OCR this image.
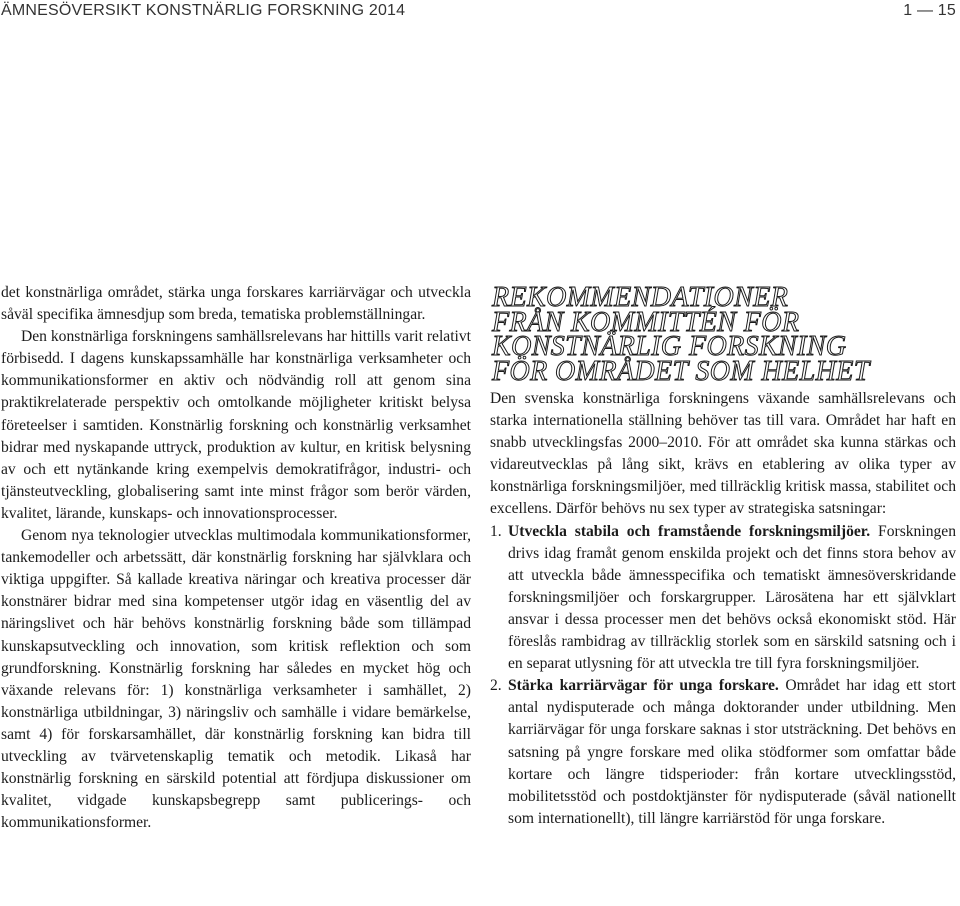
ÄMNESÖVERSIKT KONSTNÄRLIG FORSKNING 2014	1 — 15

det konstnärliga området, stärka unga forskares karriärvägar och utveckla såväl specifika ämnesdjup som breda, tematiska problemställningar.

Den konstnärliga forskningens samhällsrelevans har hittills varit relativt förbisedd. I dagens kunskapssamhälle har konstnärliga verksamheter och kommunikationsformer en aktiv och nödvändig roll att genom sina praktikrelaterade perspektiv och omtolkande möjligheter kritiskt belysa företeelser i samtiden. Konstnärlig forskning och konstnärlig verksamhet bidrar med nyskapande uttryck, produktion av kultur, en kritisk belysning av och ett nytänkande kring exempelvis demokratifrågor, industri- och tjänsteutveckling, globalisering samt inte minst frågor som berör värden, kvalitet, lärande, kunskaps- och innovationsprocesser.

Genom nya teknologier utvecklas multimodala kommunikationsformer, tankemodeller och arbetssätt, där konstnärlig forskning har självklara och viktiga uppgifter. Så kallade kreativa näringar och kreativa processer där konstnärer bidrar med sina kompetenser utgör idag en väsentlig del av näringslivet och här behövs konstnärlig forskning både som tillämpad kunskapsutveckling och innovation, som kritisk reflektion och som grundforskning. Konstnärlig forskning har således en mycket hög och växande relevans för: 1) konstnärliga verksamheter i samhället, 2) konstnärliga utbildningar, 3) näringsliv och samhälle i vidare bemärkelse, samt 4) för forskarsamhället, där konstnärlig forskning kan bidra till utveckling av tvärvetenskaplig tematik och metodik. Likaså har konstnärlig forskning en särskild potential att fördjupa diskussioner om kvalitet, vidgade kunskapsbegrepp samt publicerings- och kommunikationsformer.

REKOMMENDATIONER
FRÅN KOMMITTÉN FÖR
KONSTNÄRLIG FORSKNING
FÖR OMRÅDET SOM HELHET

Den svenska konstnärliga forskningens växande samhällsrelevans och starka internationella ställning behöver tas till vara. Området har haft en snabb utvecklingsfas 2000–2010. För att området ska kunna stärkas och vidareutvecklas på lång sikt, krävs en etablering av olika typer av konstnärliga forskningsmiljöer, med tillräcklig kritisk massa, stabilitet och excellens. Därför behövs nu sex typer av strategiska satsningar:

1. Utveckla stabila och framstående forskningsmiljöer. Forskningen drivs idag framåt genom enskilda projekt och det finns stora behov av att utveckla både ämnesspecifika och tematiskt ämnesöverskridande forskningsmiljöer och forskargrupper. Lärosätena har ett självklart ansvar i dessa processer men det behövs också ekonomiskt stöd. Här föreslås rambidrag av tillräcklig storlek som en särskild satsning och i en separat utlysning för att utveckla tre till fyra forskningsmiljöer.
2. Stärka karriärvägar för unga forskare. Området har idag ett stort antal nydisputerade och många doktorander under utbildning. Men karriärvägar för unga forskare saknas i stor utsträckning. Det behövs en satsning på yngre forskare med olika stödformer som omfattar både kortare och längre tidsperioder: från kortare utvecklingsstöd, mobilitetsstöd och postdoktjänster för nydisputerade (såväl nationellt som internationellt), till längre karriärstöd för unga forskare.
